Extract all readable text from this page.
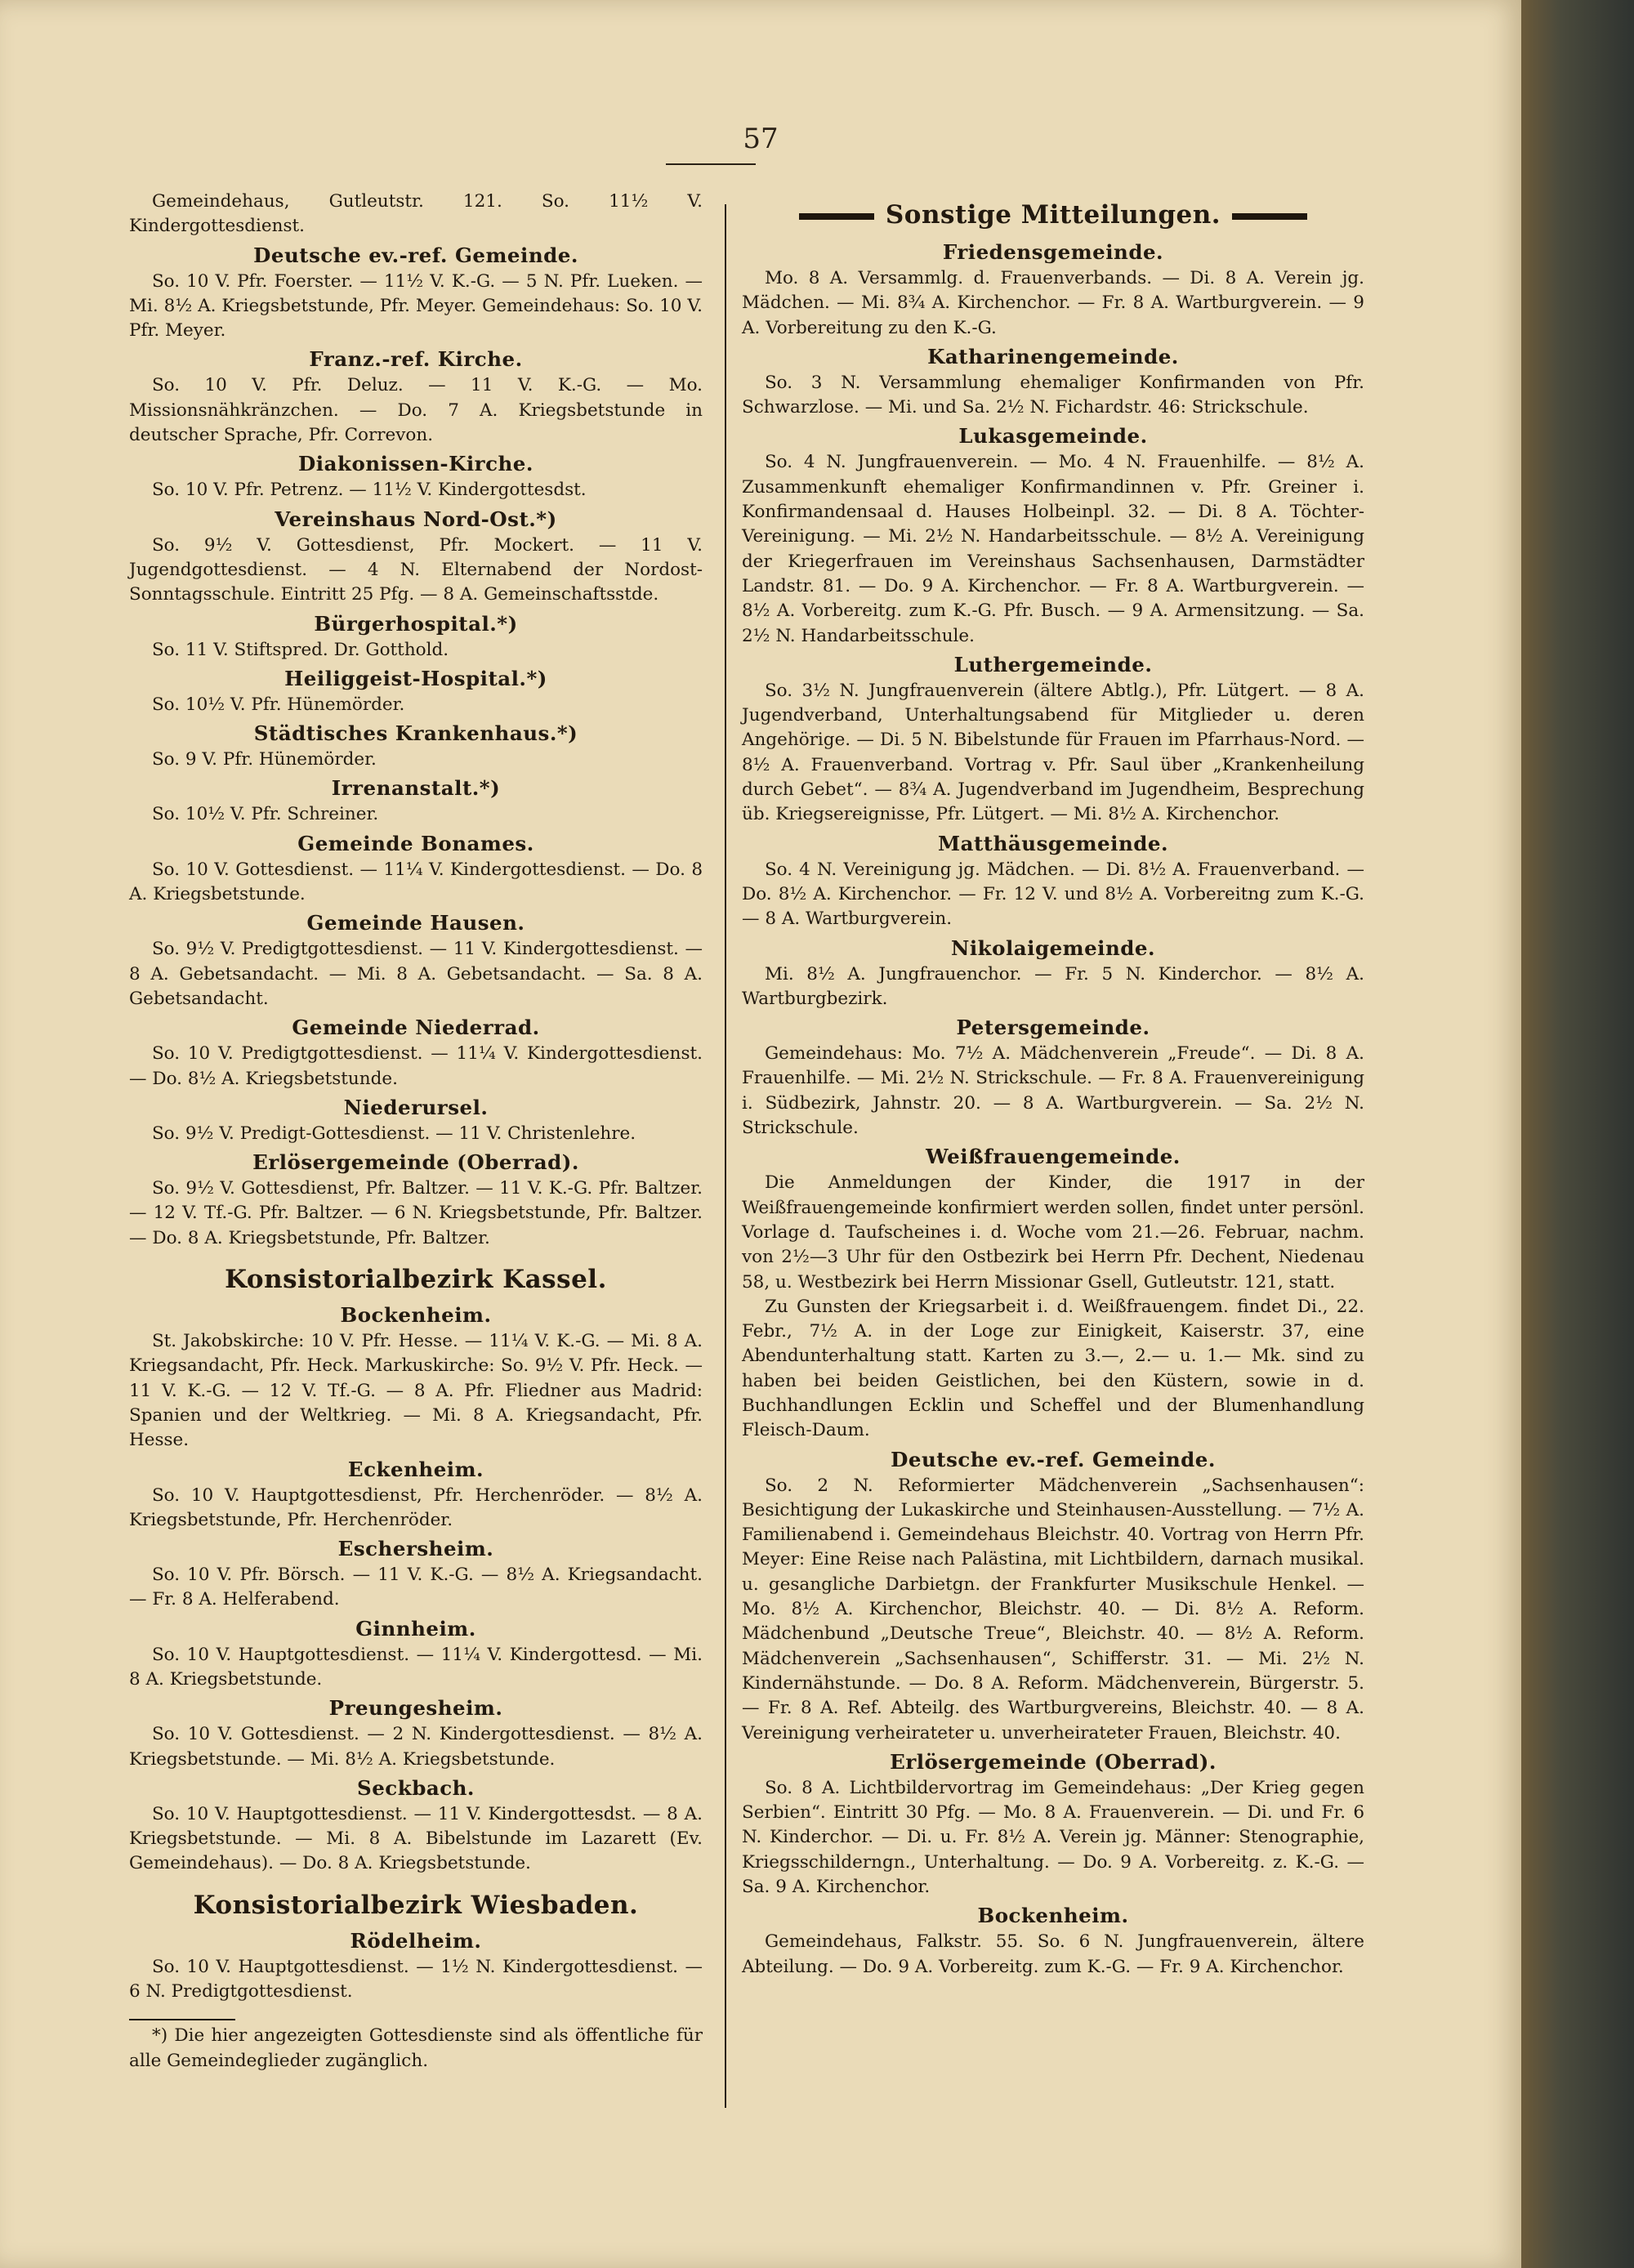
57

Gemeindehaus, Gutleutstr. 121. So. 11½ V. Kindergottesdienst.

Deutsche ev.-ref. Gemeinde.

So. 10 V. Pfr. Foerster. — 11½ V. K.-G. — 5 N. Pfr. Lueken. — Mi. 8½ A. Kriegsbetstunde, Pfr. Meyer. Gemeindehaus: So. 10 V. Pfr. Meyer.

Franz.-ref. Kirche.

So. 10 V. Pfr. Deluz. — 11 V. K.-G. — Mo. Missionsnähkränzchen. — Do. 7 A. Kriegsbetstunde in deutscher Sprache, Pfr. Correvon.

Diakonissen-Kirche.

So. 10 V. Pfr. Petrenz. — 11½ V. Kindergottesdst.

Vereinshaus Nord-Ost.*)

So. 9½ V. Gottesdienst, Pfr. Mockert. — 11 V. Jugendgottesdienst. — 4 N. Elternabend der Nordost-Sonntagsschule. Eintritt 25 Pfg. — 8 A. Gemeinschaftsstde.

Bürgerhospital.*)

So. 11 V. Stiftspred. Dr. Gotthold.

Heiliggeist-Hospital.*)

So. 10½ V. Pfr. Hünemörder.

Städtisches Krankenhaus.*)

So. 9 V. Pfr. Hünemörder.

Irrenanstalt.*)

So. 10½ V. Pfr. Schreiner.

Gemeinde Bonames.

So. 10 V. Gottesdienst. — 11¼ V. Kindergottesdienst. — Do. 8 A. Kriegsbetstunde.

Gemeinde Hausen.

So. 9½ V. Predigtgottesdienst. — 11 V. Kindergottesdienst. — 8 A. Gebetsandacht. — Mi. 8 A. Gebetsandacht. — Sa. 8 A. Gebetsandacht.

Gemeinde Niederrad.

So. 10 V. Predigtgottesdienst. — 11¼ V. Kindergottesdienst. — Do. 8½ A. Kriegsbetstunde.

Niederursel.

So. 9½ V. Predigt-Gottesdienst. — 11 V. Christenlehre.

Erlösergemeinde (Oberrad).

So. 9½ V. Gottesdienst, Pfr. Baltzer. — 11 V. K.-G. Pfr. Baltzer. — 12 V. Tf.-G. Pfr. Baltzer. — 6 N. Kriegsbetstunde, Pfr. Baltzer. — Do. 8 A. Kriegsbetstunde, Pfr. Baltzer.

Konsistorialbezirk Kassel.
Bockenheim.

St. Jakobskirche: 10 V. Pfr. Hesse. — 11¼ V. K.-G. — Mi. 8 A. Kriegsandacht, Pfr. Heck. Markuskirche: So. 9½ V. Pfr. Heck. — 11 V. K.-G. — 12 V. Tf.-G. — 8 A. Pfr. Fliedner aus Madrid: Spanien und der Weltkrieg. — Mi. 8 A. Kriegsandacht, Pfr. Hesse.

Eckenheim.

So. 10 V. Hauptgottesdienst, Pfr. Herchenröder. — 8½ A. Kriegsbetstunde, Pfr. Herchenröder.

Eschersheim.

So. 10 V. Pfr. Börsch. — 11 V. K.-G. — 8½ A. Kriegsandacht. — Fr. 8 A. Helferabend.

Ginnheim.

So. 10 V. Hauptgottesdienst. — 11¼ V. Kindergottesd. — Mi. 8 A. Kriegsbetstunde.

Preungesheim.

So. 10 V. Gottesdienst. — 2 N. Kindergottesdienst. — 8½ A. Kriegsbetstunde. — Mi. 8½ A. Kriegsbetstunde.

Seckbach.

So. 10 V. Hauptgottesdienst. — 11 V. Kindergottesdst. — 8 A. Kriegsbetstunde. — Mi. 8 A. Bibelstunde im Lazarett (Ev. Gemeindehaus). — Do. 8 A. Kriegsbetstunde.

Konsistorialbezirk Wiesbaden.
Rödelheim.

So. 10 V. Hauptgottesdienst. — 1½ N. Kindergottesdienst. — 6 N. Predigtgottesdienst.

*) Die hier angezeigten Gottesdienste sind als öffentliche für alle Gemeindeglieder zugänglich.

Sonstige Mitteilungen.
Friedensgemeinde.

Mo. 8 A. Versammlg. d. Frauenverbands. — Di. 8 A. Verein jg. Mädchen. — Mi. 8¾ A. Kirchenchor. — Fr. 8 A. Wartburgverein. — 9 A. Vorbereitung zu den K.-G.

Katharinengemeinde.

So. 3 N. Versammlung ehemaliger Konfirmanden von Pfr. Schwarzlose. — Mi. und Sa. 2½ N. Fichardstr. 46: Strickschule.

Lukasgemeinde.

So. 4 N. Jungfrauenverein. — Mo. 4 N. Frauenhilfe. — 8½ A. Zusammenkunft ehemaliger Konfirmandinnen v. Pfr. Greiner i. Konfirmandensaal d. Hauses Holbeinpl. 32. — Di. 8 A. Töchter-Vereinigung. — Mi. 2½ N. Handarbeitsschule. — 8½ A. Vereinigung der Kriegerfrauen im Vereinshaus Sachsenhausen, Darmstädter Landstr. 81. — Do. 9 A. Kirchenchor. — Fr. 8 A. Wartburgverein. — 8½ A. Vorbereitg. zum K.-G. Pfr. Busch. — 9 A. Armensitzung. — Sa. 2½ N. Handarbeitsschule.

Luthergemeinde.

So. 3½ N. Jungfrauenverein (ältere Abtlg.), Pfr. Lütgert. — 8 A. Jugendverband, Unterhaltungsabend für Mitglieder u. deren Angehörige. — Di. 5 N. Bibelstunde für Frauen im Pfarrhaus-Nord. — 8½ A. Frauenverband. Vortrag v. Pfr. Saul über „Krankenheilung durch Gebet“. — 8¾ A. Jugendverband im Jugendheim, Besprechung üb. Kriegsereignisse, Pfr. Lütgert. — Mi. 8½ A. Kirchenchor.

Matthäusgemeinde.

So. 4 N. Vereinigung jg. Mädchen. — Di. 8½ A. Frauenverband. — Do. 8½ A. Kirchenchor. — Fr. 12 V. und 8½ A. Vorbereitng zum K.-G. — 8 A. Wartburgverein.

Nikolaigemeinde.

Mi. 8½ A. Jungfrauenchor. — Fr. 5 N. Kinderchor. — 8½ A. Wartburgbezirk.

Petersgemeinde.

Gemeindehaus: Mo. 7½ A. Mädchenverein „Freude“. — Di. 8 A. Frauenhilfe. — Mi. 2½ N. Strickschule. — Fr. 8 A. Frauenvereinigung i. Südbezirk, Jahnstr. 20. — 8 A. Wartburgverein. — Sa. 2½ N. Strickschule.

Weißfrauengemeinde.

Die Anmeldungen der Kinder, die 1917 in der Weißfrauengemeinde konfirmiert werden sollen, findet unter persönl. Vorlage d. Taufscheines i. d. Woche vom 21.—26. Februar, nachm. von 2½—3 Uhr für den Ostbezirk bei Herrn Pfr. Dechent, Niedenau 58, u. Westbezirk bei Herrn Missionar Gsell, Gutleutstr. 121, statt.

Zu Gunsten der Kriegsarbeit i. d. Weißfrauengem. findet Di., 22. Febr., 7½ A. in der Loge zur Einigkeit, Kaiserstr. 37, eine Abendunterhaltung statt. Karten zu 3.—, 2.— u. 1.— Mk. sind zu haben bei beiden Geistlichen, bei den Küstern, sowie in d. Buchhandlungen Ecklin und Scheffel und der Blumenhandlung Fleisch-Daum.

Deutsche ev.-ref. Gemeinde.

So. 2 N. Reformierter Mädchenverein „Sachsenhausen“: Besichtigung der Lukaskirche und Steinhausen-Ausstellung. — 7½ A. Familienabend i. Gemeindehaus Bleichstr. 40. Vortrag von Herrn Pfr. Meyer: Eine Reise nach Palästina, mit Lichtbildern, darnach musikal. u. gesangliche Darbietgn. der Frankfurter Musikschule Henkel. — Mo. 8½ A. Kirchenchor, Bleichstr. 40. — Di. 8½ A. Reform. Mädchenbund „Deutsche Treue“, Bleichstr. 40. — 8½ A. Reform. Mädchenverein „Sachsenhausen“, Schifferstr. 31. — Mi. 2½ N. Kindernähstunde. — Do. 8 A. Reform. Mädchenverein, Bürgerstr. 5. — Fr. 8 A. Ref. Abteilg. des Wartburgvereins, Bleichstr. 40. — 8 A. Vereinigung verheirateter u. unverheirateter Frauen, Bleichstr. 40.

Erlösergemeinde (Oberrad).

So. 8 A. Lichtbildervortrag im Gemeindehaus: „Der Krieg gegen Serbien“. Eintritt 30 Pfg. — Mo. 8 A. Frauenverein. — Di. und Fr. 6 N. Kinderchor. — Di. u. Fr. 8½ A. Verein jg. Männer: Stenographie, Kriegsschilderngn., Unterhaltung. — Do. 9 A. Vorbereitg. z. K.-G. — Sa. 9 A. Kirchenchor.

Bockenheim.

Gemeindehaus, Falkstr. 55. So. 6 N. Jungfrauenverein, ältere Abteilung. — Do. 9 A. Vorbereitg. zum K.-G. — Fr. 9 A. Kirchenchor.
